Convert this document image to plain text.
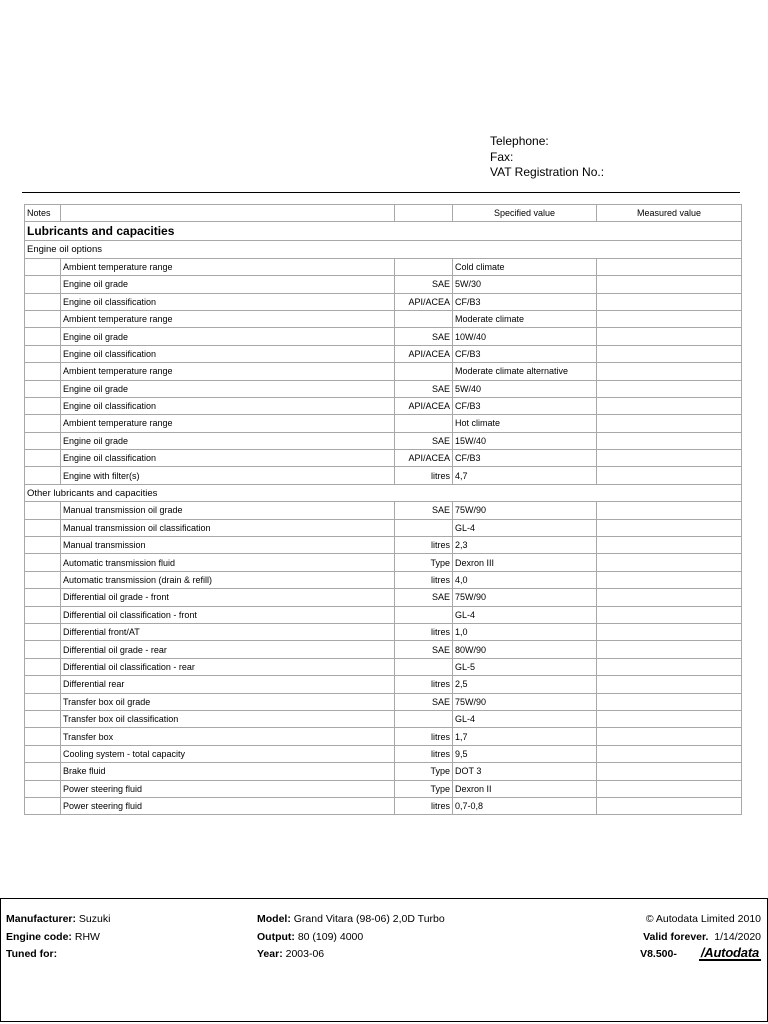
Telephone:
Fax:
VAT Registration No.:
Notes			Specified value	Measured value
Lubricants and capacities				
Engine oil options				
	Ambient temperature range		Cold climate	
	Engine oil grade	SAE	5W/30	
	Engine oil classification	API/ACEA	CF/B3	
	Ambient temperature range		Moderate climate	
	Engine oil grade	SAE	10W/40	
	Engine oil classification	API/ACEA	CF/B3	
	Ambient temperature range		Moderate climate alternative	
	Engine oil grade	SAE	5W/40	
	Engine oil classification	API/ACEA	CF/B3	
	Ambient temperature range		Hot climate	
	Engine oil grade	SAE	15W/40	
	Engine oil classification	API/ACEA	CF/B3	
	Engine with filter(s)	litres	4,7	
Other lubricants and capacities				
	Manual transmission oil grade	SAE	75W/90	
	Manual transmission oil classification		GL-4	
	Manual transmission	litres	2,3	
	Automatic transmission fluid	Type	Dexron III	
	Automatic transmission (drain & refill)	litres	4,0	
	Differential oil grade - front	SAE	75W/90	
	Differential oil classification - front		GL-4	
	Differential front/AT	litres	1,0	
	Differential oil grade - rear	SAE	80W/90	
	Differential oil classification - rear		GL-5	
	Differential rear	litres	2,5	
	Transfer box oil grade	SAE	75W/90	
	Transfer box oil classification		GL-4	
	Transfer box	litres	1,7	
	Cooling system - total capacity	litres	9,5	
	Brake fluid	Type	DOT 3	
	Power steering fluid	Type	Dexron II	
	Power steering fluid	litres	0,7-0,8	
Manufacturer: Suzuki
Engine code: RHW
Tuned for:
Model: Grand Vitara (98-06) 2,0D Turbo
Output: 80 (109) 4000
Year: 2003-06
© Autodata Limited 2010
Valid forever. 1/14/2020
V8.500- /Autodata
